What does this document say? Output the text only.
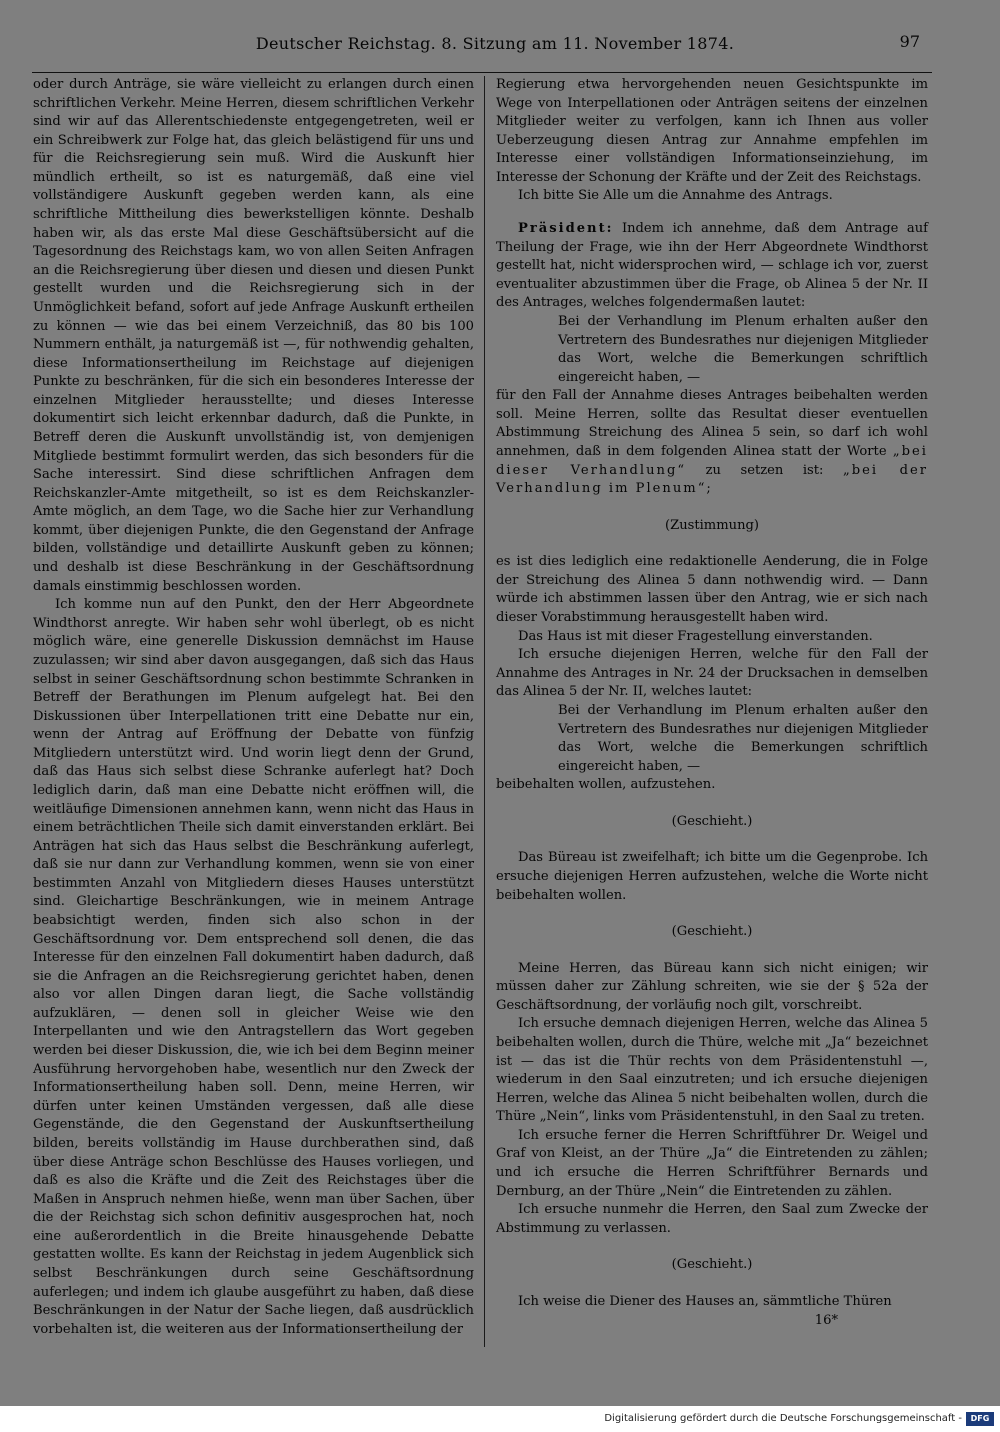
Deutscher Reichstag. 8. Sitzung am 11. November 1874.	97

oder durch Anträge, sie wäre vielleicht zu erlangen durch einen schriftlichen Verkehr. Meine Herren, diesem schriftlichen Verkehr sind wir auf das Allerentschiedenste entgegengetreten, weil er ein Schreibwerk zur Folge hat, das gleich belästigend für uns und für die Reichsregierung sein muß. Wird die Auskunft hier mündlich ertheilt, so ist es naturgemäß, daß eine viel vollständigere Auskunft gegeben werden kann, als eine schriftliche Mittheilung dies bewerkstelligen könnte. Deshalb haben wir, als das erste Mal diese Geschäftsübersicht auf die Tagesordnung des Reichstags kam, wo von allen Seiten Anfragen an die Reichsregierung über diesen und diesen und diesen Punkt gestellt wurden und die Reichsregierung sich in der Unmöglichkeit befand, sofort auf jede Anfrage Auskunft ertheilen zu können — wie das bei einem Verzeichniß, das 80 bis 100 Nummern enthält, ja naturgemäß ist —, für nothwendig gehalten, diese Informationsertheilung im Reichstage auf diejenigen Punkte zu beschränken, für die sich ein besonderes Interesse der einzelnen Mitglieder herausstellte; und dieses Interesse dokumentirt sich leicht erkennbar dadurch, daß die Punkte, in Betreff deren die Auskunft unvollständig ist, von demjenigen Mitgliede bestimmt formulirt werden, das sich besonders für die Sache interessirt. Sind diese schriftlichen Anfragen dem Reichskanzler-Amte mitgetheilt, so ist es dem Reichskanzler-Amte möglich, an dem Tage, wo die Sache hier zur Verhandlung kommt, über diejenigen Punkte, die den Gegenstand der Anfrage bilden, vollständige und detaillirte Auskunft geben zu können; und deshalb ist diese Beschränkung in der Geschäftsordnung damals einstimmig beschlossen worden.

Ich komme nun auf den Punkt, den der Herr Abgeordnete Windthorst anregte. Wir haben sehr wohl überlegt, ob es nicht möglich wäre, eine generelle Diskussion demnächst im Hause zuzulassen; wir sind aber davon ausgegangen, daß sich das Haus selbst in seiner Geschäftsordnung schon bestimmte Schranken in Betreff der Berathungen im Plenum aufgelegt hat. Bei den Diskussionen über Interpellationen tritt eine Debatte nur ein, wenn der Antrag auf Eröffnung der Debatte von fünfzig Mitgliedern unterstützt wird. Und worin liegt denn der Grund, daß das Haus sich selbst diese Schranke auferlegt hat? Doch lediglich darin, daß man eine Debatte nicht eröffnen will, die weitläufige Dimensionen annehmen kann, wenn nicht das Haus in einem beträchtlichen Theile sich damit einverstanden erklärt. Bei Anträgen hat sich das Haus selbst die Beschränkung auferlegt, daß sie nur dann zur Verhandlung kommen, wenn sie von einer bestimmten Anzahl von Mitgliedern dieses Hauses unterstützt sind. Gleichartige Beschränkungen, wie in meinem Antrage beabsichtigt werden, finden sich also schon in der Geschäftsordnung vor. Dem entsprechend soll denen, die das Interesse für den einzelnen Fall dokumentirt haben dadurch, daß sie die Anfragen an die Reichsregierung gerichtet haben, denen also vor allen Dingen daran liegt, die Sache vollständig aufzuklären, — denen soll in gleicher Weise wie den Interpellanten und wie den Antragstellern das Wort gegeben werden bei dieser Diskussion, die, wie ich bei dem Beginn meiner Ausführung hervorgehoben habe, wesentlich nur den Zweck der Informationsertheilung haben soll. Denn, meine Herren, wir dürfen unter keinen Umständen vergessen, daß alle diese Gegenstände, die den Gegenstand der Auskunftsertheilung bilden, bereits vollständig im Hause durchberathen sind, daß über diese Anträge schon Beschlüsse des Hauses vorliegen, und daß es also die Kräfte und die Zeit des Reichstages über die Maßen in Anspruch nehmen hieße, wenn man über Sachen, über die der Reichstag sich schon definitiv ausgesprochen hat, noch eine außerordentlich in die Breite hinausgehende Debatte gestatten wollte. Es kann der Reichstag in jedem Augenblick sich selbst Beschränkungen durch seine Geschäftsordnung auferlegen; und indem ich glaube ausgeführt zu haben, daß diese Beschränkungen in der Natur der Sache liegen, daß ausdrücklich vorbehalten ist, die weiteren aus der Informationsertheilung der

Regierung etwa hervorgehenden neuen Gesichtspunkte im Wege von Interpellationen oder Anträgen seitens der einzelnen Mitglieder weiter zu verfolgen, kann ich Ihnen aus voller Ueberzeugung diesen Antrag zur Annahme empfehlen im Interesse einer vollständigen Informationseinziehung, im Interesse der Schonung der Kräfte und der Zeit des Reichstags.

Ich bitte Sie Alle um die Annahme des Antrags.

Präsident: Indem ich annehme, daß dem Antrage auf Theilung der Frage, wie ihn der Herr Abgeordnete Windthorst gestellt hat, nicht widersprochen wird, — schlage ich vor, zuerst eventualiter abzustimmen über die Frage, ob Alinea 5 der Nr. II des Antrages, welches folgendermaßen lautet:

Bei der Verhandlung im Plenum erhalten außer den Vertretern des Bundesrathes nur diejenigen Mitglieder das Wort, welche die Bemerkungen schriftlich eingereicht haben, —

für den Fall der Annahme dieses Antrages beibehalten werden soll. Meine Herren, sollte das Resultat dieser eventuellen Abstimmung Streichung des Alinea 5 sein, so darf ich wohl annehmen, daß in dem folgenden Alinea statt der Worte „bei dieser Verhandlung“ zu setzen ist: „bei der Verhandlung im Plenum“;

(Zustimmung)

es ist dies lediglich eine redaktionelle Aenderung, die in Folge der Streichung des Alinea 5 dann nothwendig wird. — Dann würde ich abstimmen lassen über den Antrag, wie er sich nach dieser Vorabstimmung herausgestellt haben wird.

Das Haus ist mit dieser Fragestellung einverstanden.

Ich ersuche diejenigen Herren, welche für den Fall der Annahme des Antrages in Nr. 24 der Drucksachen in demselben das Alinea 5 der Nr. II, welches lautet:

Bei der Verhandlung im Plenum erhalten außer den Vertretern des Bundesrathes nur diejenigen Mitglieder das Wort, welche die Bemerkungen schriftlich eingereicht haben, —

beibehalten wollen, aufzustehen.

(Geschieht.)

Das Büreau ist zweifelhaft; ich bitte um die Gegenprobe. Ich ersuche diejenigen Herren aufzustehen, welche die Worte nicht beibehalten wollen.

(Geschieht.)

Meine Herren, das Büreau kann sich nicht einigen; wir müssen daher zur Zählung schreiten, wie sie der § 52a der Geschäftsordnung, der vorläufig noch gilt, vorschreibt.

Ich ersuche demnach diejenigen Herren, welche das Alinea 5 beibehalten wollen, durch die Thüre, welche mit „Ja“ bezeichnet ist — das ist die Thür rechts von dem Präsidentenstuhl —, wiederum in den Saal einzutreten; und ich ersuche diejenigen Herren, welche das Alinea 5 nicht beibehalten wollen, durch die Thüre „Nein“, links vom Präsidentenstuhl, in den Saal zu treten.

Ich ersuche ferner die Herren Schriftführer Dr. Weigel und Graf von Kleist, an der Thüre „Ja“ die Eintretenden zu zählen; und ich ersuche die Herren Schriftführer Bernards und Dernburg, an der Thüre „Nein“ die Eintretenden zu zählen.

Ich ersuche nunmehr die Herren, den Saal zum Zwecke der Abstimmung zu verlassen.

(Geschieht.)

Ich weise die Diener des Hauses an, sämmtliche Thüren

16*

Digitalisierung gefördert durch die Deutsche Forschungsgemeinschaft -	DFG
